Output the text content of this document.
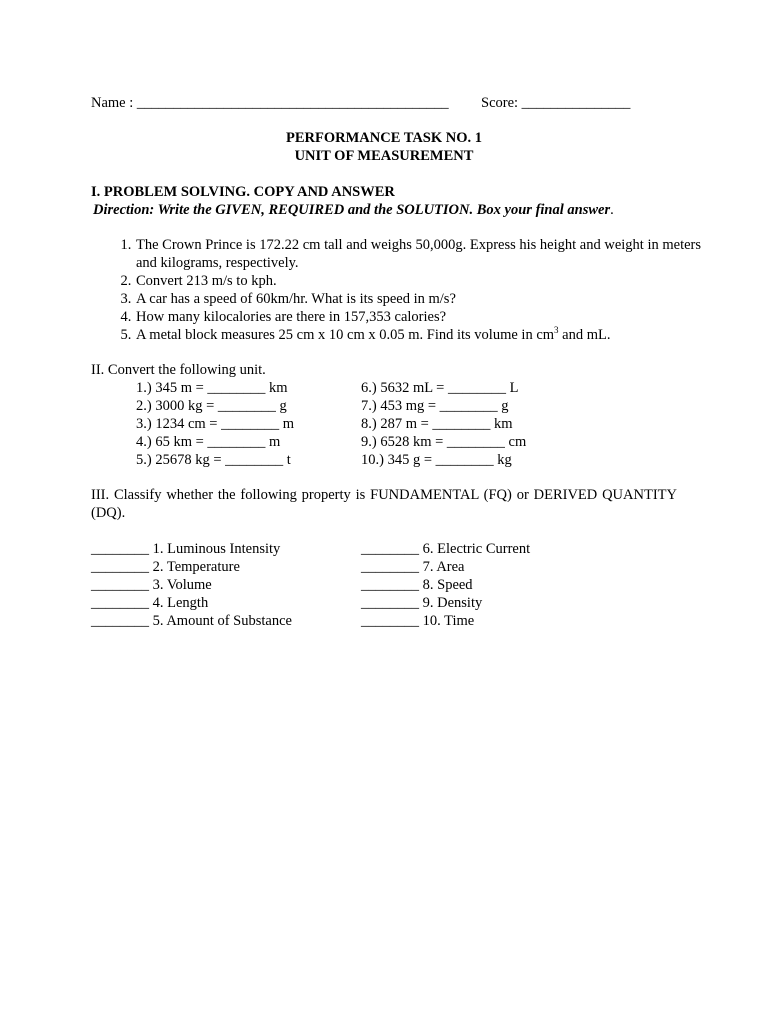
Name : ___________________________________________ Score: _______________
PERFORMANCE TASK NO. 1
UNIT OF MEASUREMENT
I. PROBLEM SOLVING. COPY AND ANSWER
Direction: Write the GIVEN, REQUIRED and the SOLUTION. Box your final answer.
1. The Crown Prince is 172.22 cm tall and weighs 50,000g. Express his height and weight in meters and kilograms, respectively.
2. Convert 213 m/s to kph.
3. A car has a speed of 60km/hr. What is its speed in m/s?
4. How many kilocalories are there in 157,353 calories?
5. A metal block measures 25 cm x 10 cm x 0.05 m. Find its volume in $cm^3$ and mL.
II. Convert the following unit.
1.) 345 m = ________ km
2.) 3000 kg = ________ g
3.) 1234 cm = ________ m
4.) 65 km = ________ m
5.) 25678 kg = ________ t
6.) 5632 mL = ________ L
7.) 453 mg = ________ g
8.) 287 m = ________ km
9.) 6528 km = ________ cm
10.) 345 g = ________ kg
III. Classify whether the following property is FUNDAMENTAL (FQ) or DERIVED QUANTITY (DQ).
________ 1. Luminous Intensity
________ 2. Temperature
________ 3. Volume
________ 4. Length
________ 5. Amount of Substance
________ 6. Electric Current
________ 7. Area
________ 8. Speed
________ 9. Density
________ 10. Time
